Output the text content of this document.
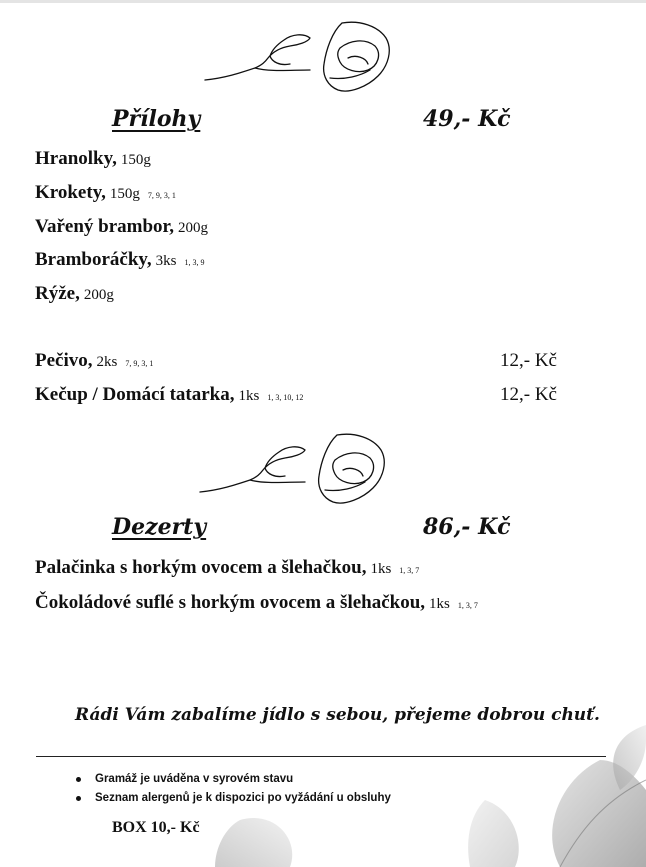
Přílohy	49,- Kč
Hranolky, 150g
Krokety, 150g 7, 9, 3, 1
Vařený brambor, 200g
Bramboráčky, 3ks 1, 3, 9
Rýže, 200g
Pečivo, 2ks 7, 9, 3, 1	12,- Kč
Kečup / Domácí tatarka, 1ks 1, 3, 10, 12	12,- Kč
Dezerty	86,- Kč
Palačinka s horkým ovocem a šlehačkou, 1ks 1, 3, 7
Čokoládové suflé s horkým ovocem a šlehačkou, 1ks 1, 3, 7
Rádi Vám zabalíme jídlo s sebou, přejeme dobrou chuť.
Gramáž je uváděna v syrovém stavu
Seznam alergenů je k dispozici po vyžádání u obsluhy
BOX 10,- Kč
